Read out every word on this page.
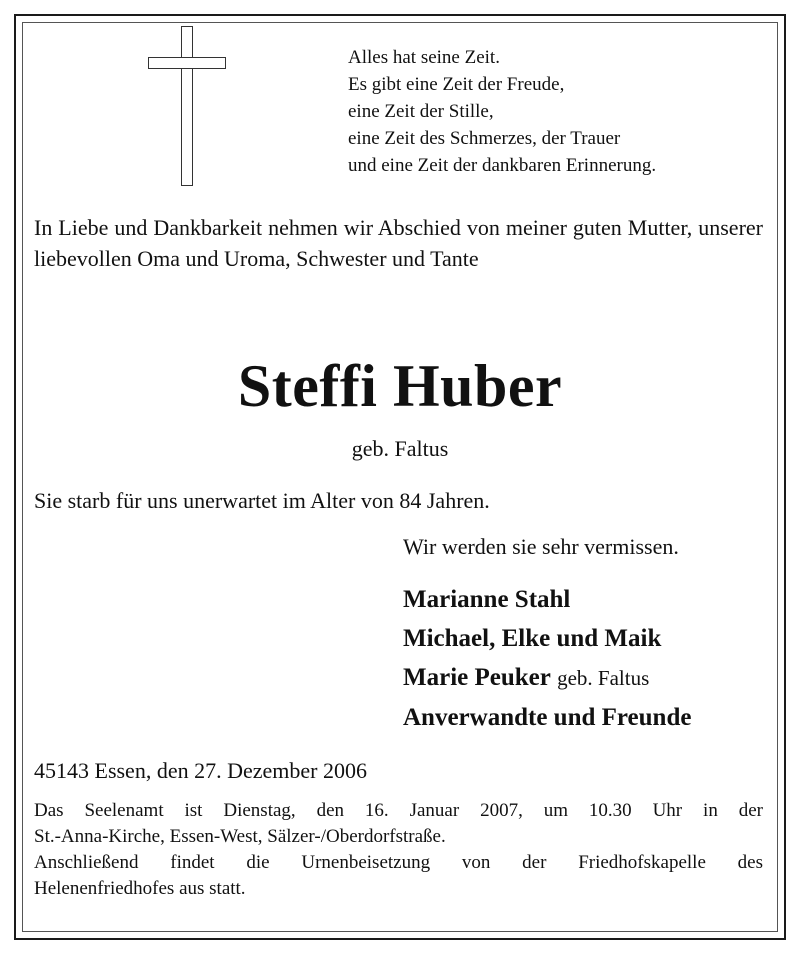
Alles hat seine Zeit.
Es gibt eine Zeit der Freude,
eine Zeit der Stille,
eine Zeit des Schmerzes, der Trauer
und eine Zeit der dankbaren Erinnerung.
In Liebe und Dankbarkeit nehmen wir Abschied von meiner guten Mutter, unserer liebevollen Oma und Uroma, Schwester und Tante
Steffi Huber
geb. Faltus
Sie starb für uns unerwartet im Alter von 84 Jahren.
Wir werden sie sehr vermissen.
Marianne Stahl
Michael, Elke und Maik
Marie Peuker geb. Faltus
Anverwandte und Freunde
45143 Essen, den 27. Dezember 2006
Das Seelenamt ist Dienstag, den 16. Januar 2007, um 10.30 Uhr in der
St.-Anna-Kirche, Essen-West, Sälzer-/Oberdorfstraße.
Anschließend findet die Urnenbeisetzung von der Friedhofskapelle des
Helenenfriedhofes aus statt.
